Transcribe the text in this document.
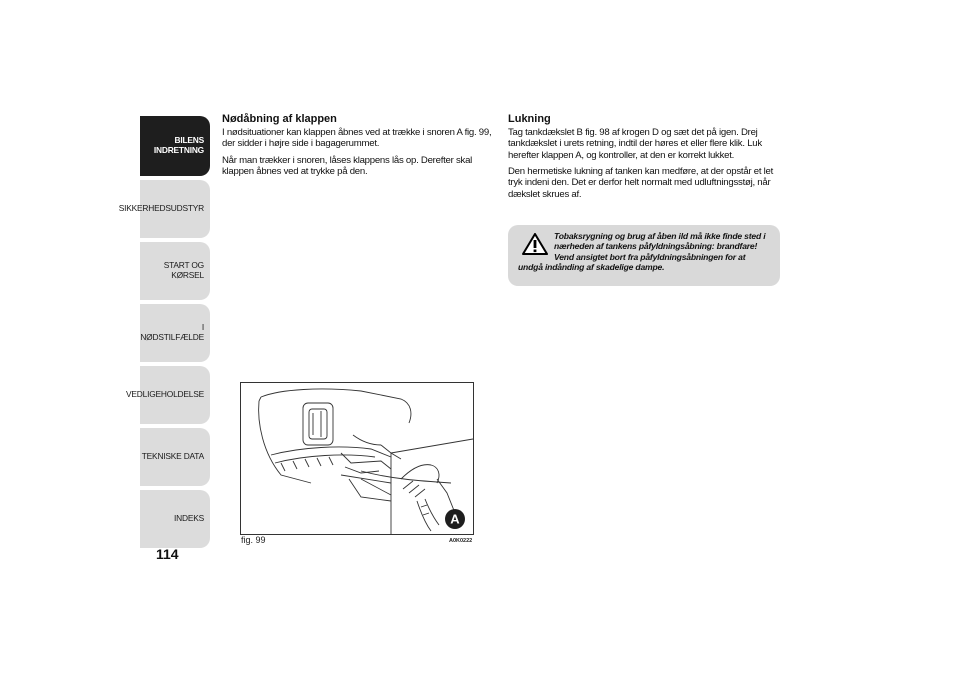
BILENS
INDRETNING
SIKKERHEDSUDSTYR
START OG KØRSEL
I NØDSTILFÆLDE
VEDLIGEHOLDELSE
TEKNISKE DATA
INDEKS
114
Nødåbning af klappen

I nødsituationer kan klappen åbnes ved at trække i snoren A fig. 99, der sidder i højre side i bagagerummet.

Når man trækker i snoren, låses klappens lås op. Derefter skal klappen åbnes ved at trykke på den.

Lukning

Tag tankdækslet B fig. 98 af krogen D og sæt det på igen. Drej tankdækslet i urets retning, indtil der høres et eller flere klik. Luk herefter klappen A, og kontroller, at den er korrekt lukket.

Den hermetiske lukning af tanken kan medføre, at der opstår et let tryk indeni den. Det er derfor helt normalt med udluftningsstøj, når dækslet skrues af.

Tobaksrygning og brug af åben ild må ikke finde sted i nærheden af tankens påfyldningsåbning: brandfare! Vend ansigtet bort fra påfyldningsåbningen for at
undgå indånding af skadelige dampe.
A
fig. 99	A0K0222
